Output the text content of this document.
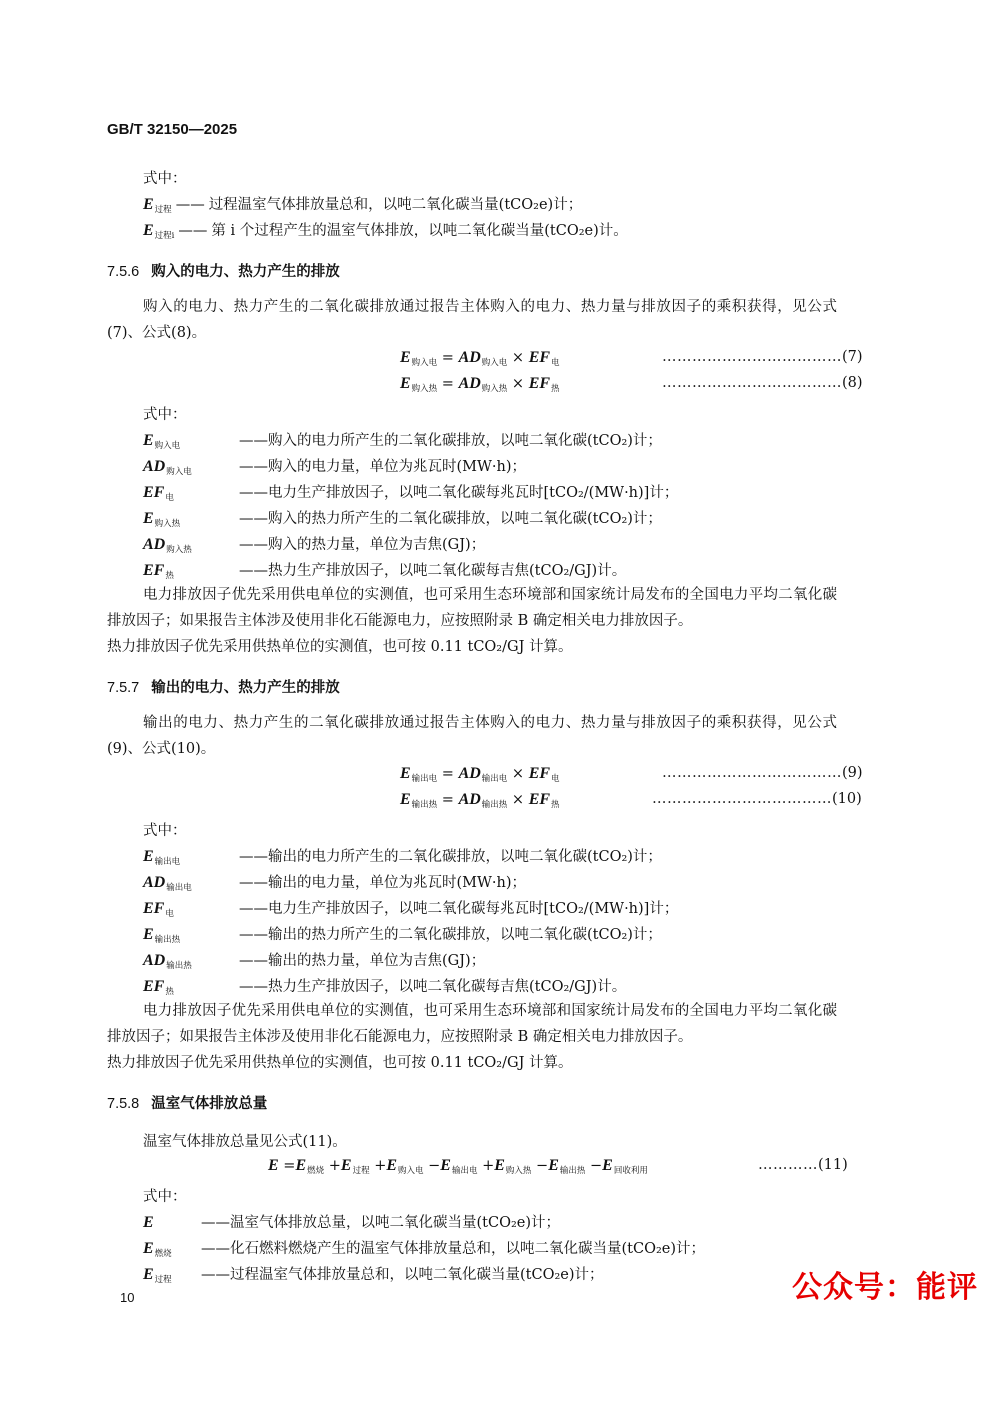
GB/T 32150—2025
式中：
$E_{过程}$ —— 过程温室气体排放量总和，以吨二氧化碳当量(tCO₂e)计；
$E_{过程i}$ —— 第 i 个过程产生的温室气体排放，以吨二氧化碳当量(tCO₂e)计。
7.5.6 购入的电力、热力产生的排放
购入的电力、热力产生的二氧化碳排放通过报告主体购入的电力、热力量与排放因子的乘积获得，见公式(7)、公式(8)。
$E_{购入电} = AD_{购入电} \times EF_电$	………………………………(7)
$E_{购入热} = AD_{购入热} \times EF_热$	………………………………(8)
式中：
$E_{购入电}$	——购入的电力所产生的二氧化碳排放，以吨二氧化碳(tCO₂)计；
$AD_{购入电}$	——购入的电力量，单位为兆瓦时(MW·h)；
$EF_电$	——电力生产排放因子，以吨二氧化碳每兆瓦时[tCO₂/(MW·h)]计；
$E_{购入热}$	——购入的热力所产生的二氧化碳排放，以吨二氧化碳(tCO₂)计；
$AD_{购入热}$	——购入的热力量，单位为吉焦(GJ)；
$EF_热$	——热力生产排放因子，以吨二氧化碳每吉焦(tCO₂/GJ)计。
电力排放因子优先采用供电单位的实测值，也可采用生态环境部和国家统计局发布的全国电力平均二氧化碳排放因子；如果报告主体涉及使用非化石能源电力，应按照附录 B 确定相关电力排放因子。
热力排放因子优先采用供热单位的实测值，也可按 0.11 tCO₂/GJ 计算。
7.5.7 输出的电力、热力产生的排放
输出的电力、热力产生的二氧化碳排放通过报告主体购入的电力、热力量与排放因子的乘积获得，见公式(9)、公式(10)。
$E_{输出电} = AD_{输出电} \times EF_电$	………………………………(9)
$E_{输出热} = AD_{输出热} \times EF_热$	………………………………(10)
式中：
$E_{输出电}$	——输出的电力所产生的二氧化碳排放，以吨二氧化碳(tCO₂)计；
$AD_{输出电}$	——输出的电力量，单位为兆瓦时(MW·h)；
$EF_电$	——电力生产排放因子，以吨二氧化碳每兆瓦时[tCO₂/(MW·h)]计；
$E_{输出热}$	——输出的热力所产生的二氧化碳排放，以吨二氧化碳(tCO₂)计；
$AD_{输出热}$	——输出的热力量，单位为吉焦(GJ)；
$EF_热$	——热力生产排放因子，以吨二氧化碳每吉焦(tCO₂/GJ)计。
电力排放因子优先采用供电单位的实测值，也可采用生态环境部和国家统计局发布的全国电力平均二氧化碳排放因子；如果报告主体涉及使用非化石能源电力，应按照附录 B 确定相关电力排放因子。
热力排放因子优先采用供热单位的实测值，也可按 0.11 tCO₂/GJ 计算。
7.5.8 温室气体排放总量
温室气体排放总量见公式(11)。
$E =E_{燃烧} +E_{过程} +E_{购入电} -E_{输出电} +E_{购入热} -E_{输出热} -E_{回收利用}$	…………(11)
式中：
E	——温室气体排放总量，以吨二氧化碳当量(tCO₂e)计；
$E_{燃烧}$ ——化石燃料燃烧产生的温室气体排放量总和，以吨二氧化碳当量(tCO₂e)计；
$E_{过程}$ ——过程温室气体排放量总和，以吨二氧化碳当量(tCO₂e)计；	公众号：能评
10
